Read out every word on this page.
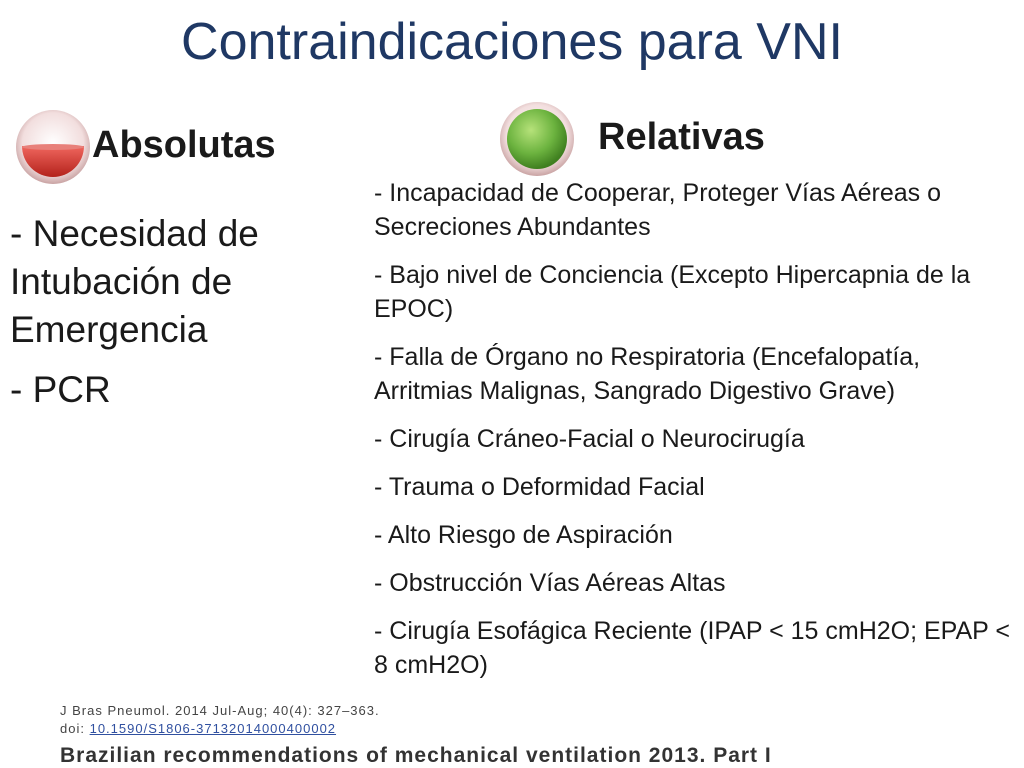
Contraindicaciones para VNI
Absolutas	Relativas
- Necesidad de Intubación de Emergencia
- PCR
- Incapacidad de Cooperar, Proteger Vías Aéreas o Secreciones Abundantes
- Bajo nivel de Conciencia (Excepto Hipercapnia de la EPOC)
- Falla de Órgano no Respiratoria (Encefalopatía, Arritmias Malignas, Sangrado Digestivo Grave)
- Cirugía Cráneo-Facial o Neurocirugía
- Trauma o Deformidad Facial
- Alto Riesgo de Aspiración
- Obstrucción Vías Aéreas Altas
- Cirugía Esofágica Reciente (IPAP < 15 cmH2O; EPAP < 8 cmH2O)
J Bras Pneumol. 2014 Jul-Aug; 40(4): 327–363.
doi: 10.1590/S1806-37132014000400002
Brazilian recommendations of mechanical ventilation 2013. Part I
